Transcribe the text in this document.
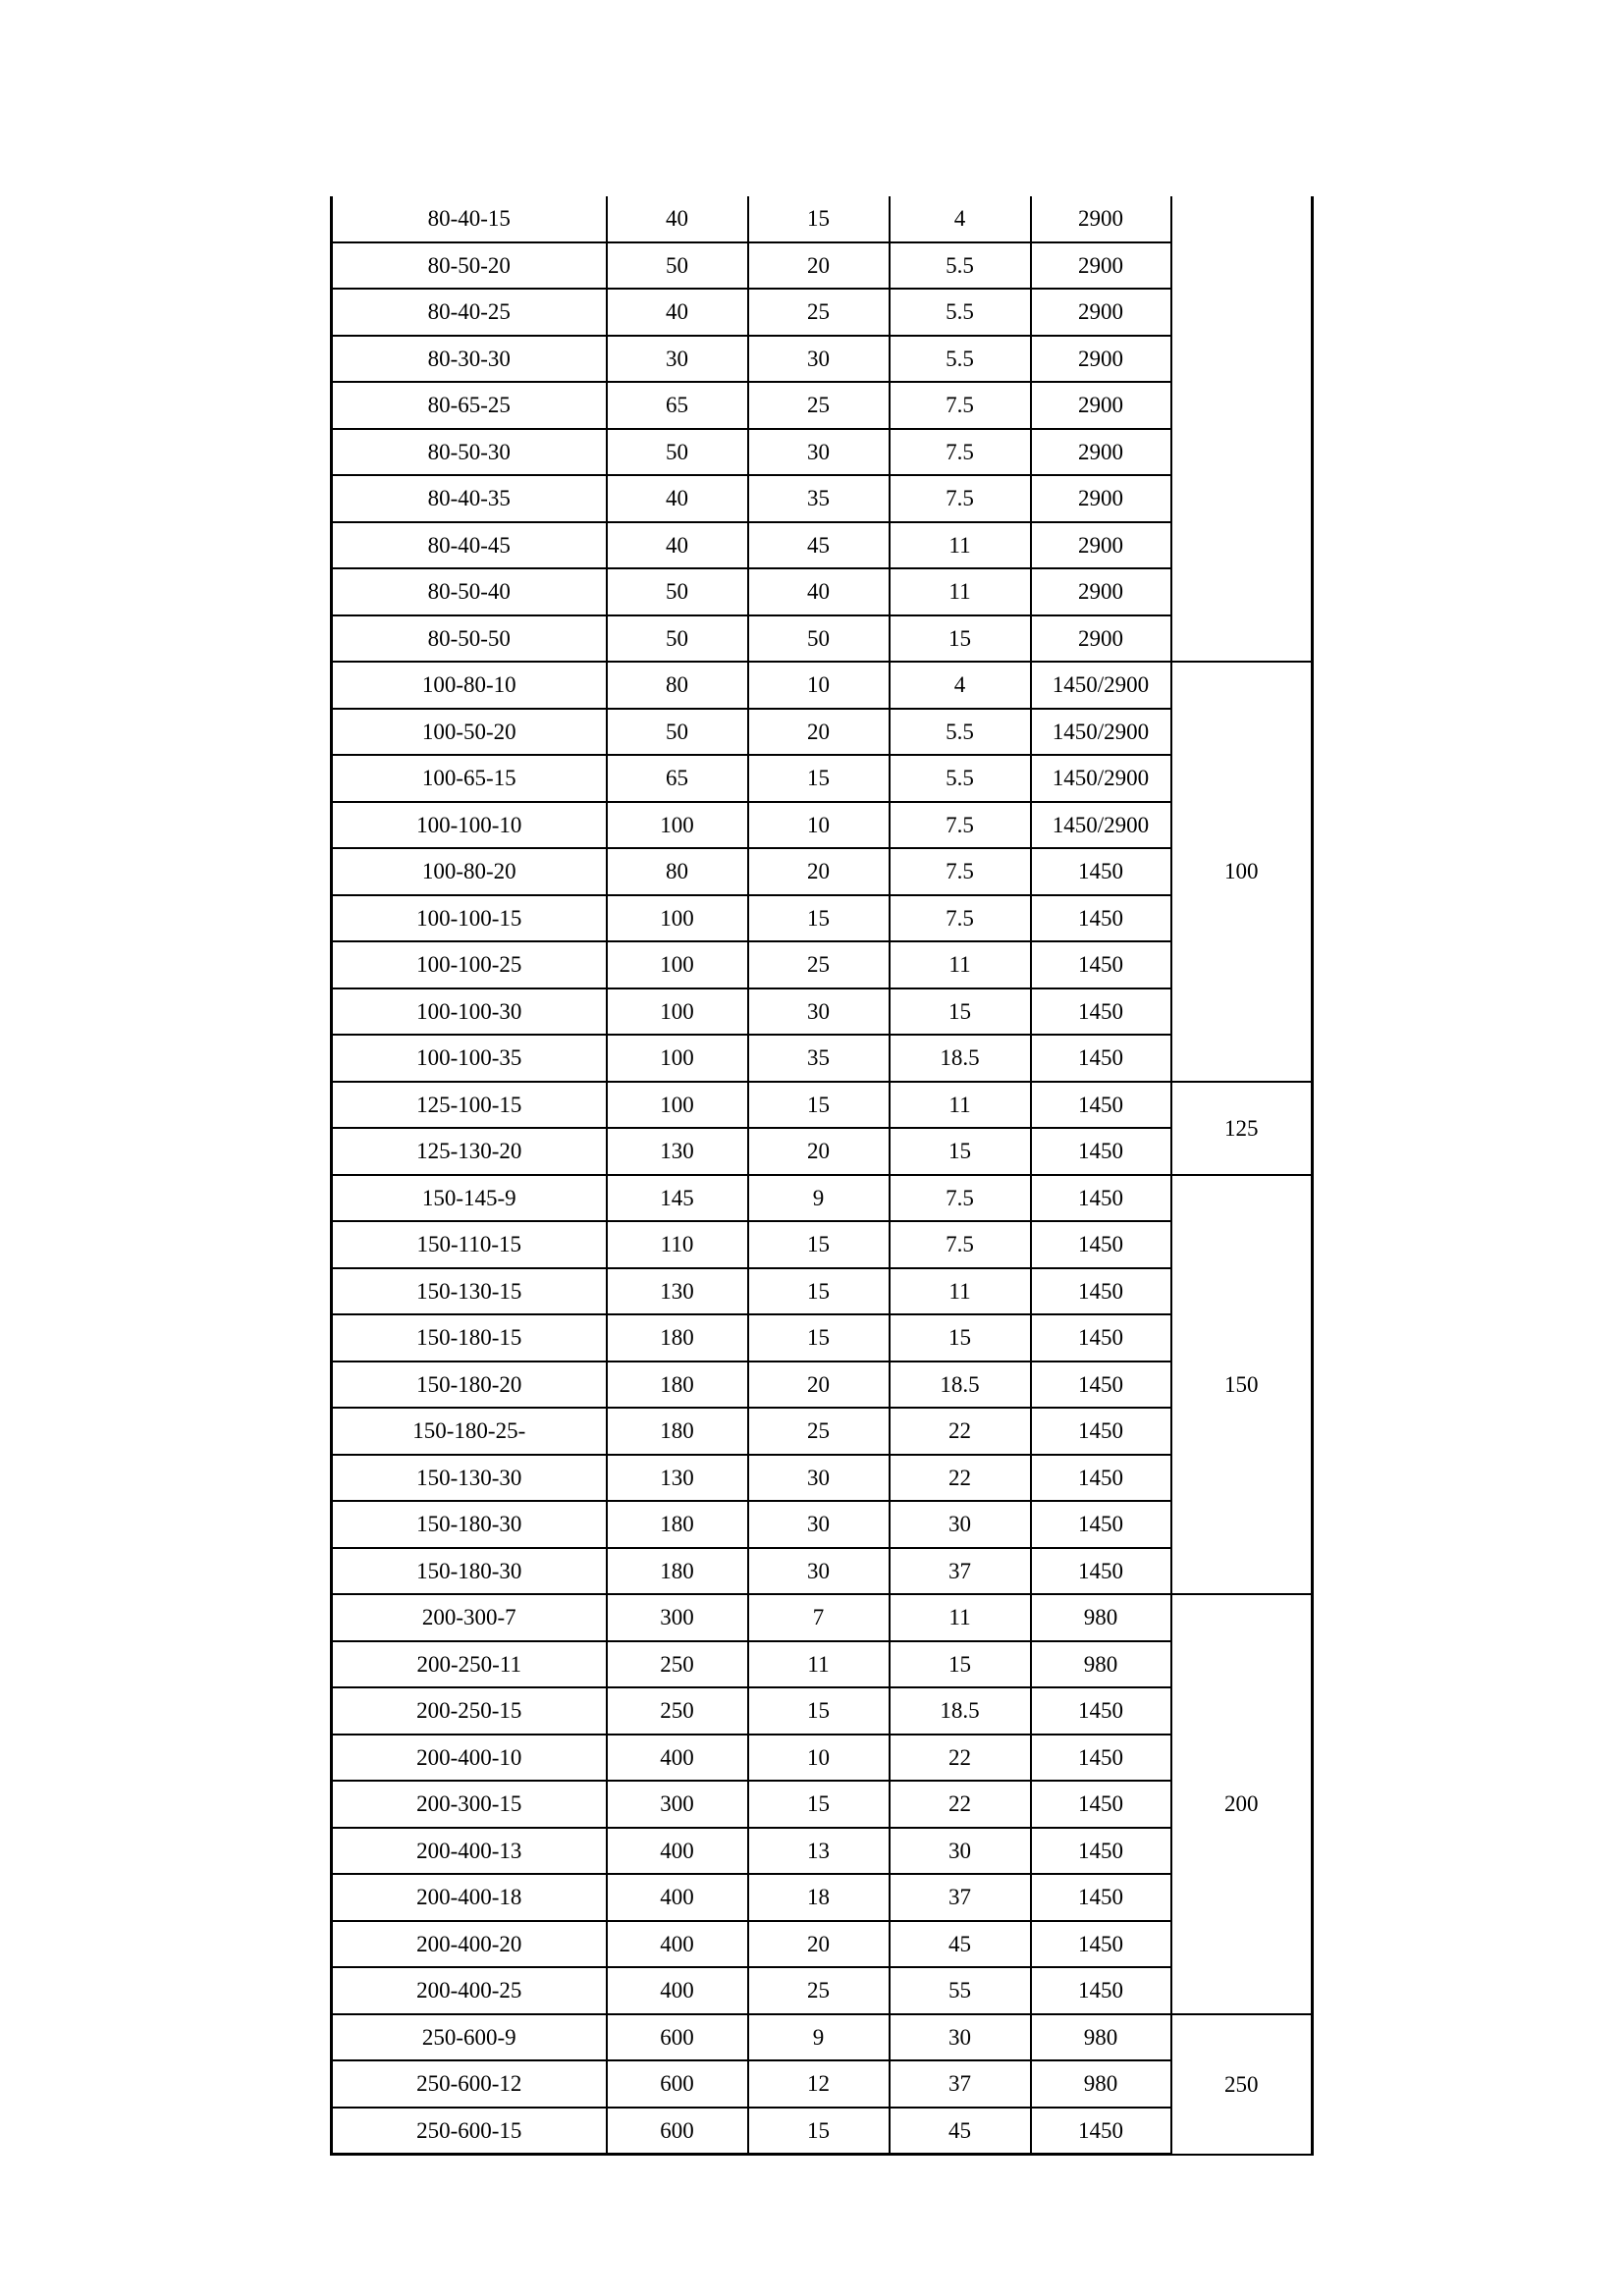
80-40-15	40	15	4	2900	
80-50-20	50	20	5.5	2900	
80-40-25	40	25	5.5	2900	
80-30-30	30	30	5.5	2900	
80-65-25	65	25	7.5	2900	
80-50-30	50	30	7.5	2900	
80-40-35	40	35	7.5	2900	
80-40-45	40	45	11	2900	
80-50-40	50	40	11	2900	
80-50-50	50	50	15	2900	
100-80-10	80	10	4	1450/2900	100
100-50-20	50	20	5.5	1450/2900	
100-65-15	65	15	5.5	1450/2900	
100-100-10	100	10	7.5	1450/2900	
100-80-20	80	20	7.5	1450	
100-100-15	100	15	7.5	1450	
100-100-25	100	25	11	1450	
100-100-30	100	30	15	1450	
100-100-35	100	35	18.5	1450	
125-100-15	100	15	11	1450	125
125-130-20	130	20	15	1450	
150-145-9	145	9	7.5	1450	150
150-110-15	110	15	7.5	1450	
150-130-15	130	15	11	1450	
150-180-15	180	15	15	1450	
150-180-20	180	20	18.5	1450	
150-180-25-	180	25	22	1450	
150-130-30	130	30	22	1450	
150-180-30	180	30	30	1450	
150-180-30	180	30	37	1450	
200-300-7	300	7	11	980	200
200-250-11	250	11	15	980	
200-250-15	250	15	18.5	1450	
200-400-10	400	10	22	1450	
200-300-15	300	15	22	1450	
200-400-13	400	13	30	1450	
200-400-18	400	18	37	1450	
200-400-20	400	20	45	1450	
200-400-25	400	25	55	1450	
250-600-9	600	9	30	980	250
250-600-12	600	12	37	980	
250-600-15	600	15	45	1450	
